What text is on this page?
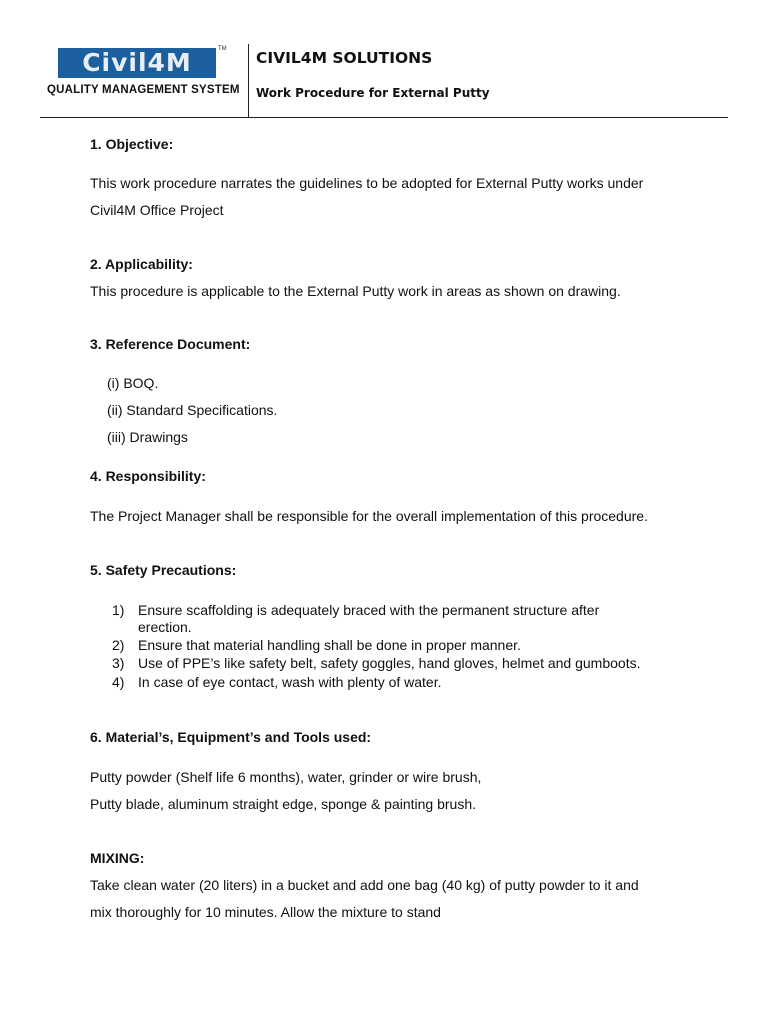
Civil4M	TM
QUALITY MANAGEMENT SYSTEM
CIVIL4M SOLUTIONS
Work Procedure for External Putty
1. Objective:
This work procedure narrates the guidelines to be adopted for External Putty works under
Civil4M Office Project
2. Applicability:
This procedure is applicable to the External Putty work in areas as shown on drawing.
3. Reference Document:
(i) BOQ.
(ii) Standard Specifications.
(iii) Drawings
4. Responsibility:
The Project Manager shall be responsible for the overall implementation of this procedure.
5. Safety Precautions:
1) Ensure scaffolding is adequately braced with the permanent structure after
erection.
2) Ensure that material handling shall be done in proper manner.
3) Use of PPE’s like safety belt, safety goggles, hand gloves, helmet and gumboots.
4) In case of eye contact, wash with plenty of water.
6. Material’s, Equipment’s and Tools used:
Putty powder (Shelf life 6 months), water, grinder or wire brush,
Putty blade, aluminum straight edge, sponge & painting brush.
MIXING:
Take clean water (20 liters) in a bucket and add one bag (40 kg) of putty powder to it and
mix thoroughly for 10 minutes. Allow the mixture to stand
